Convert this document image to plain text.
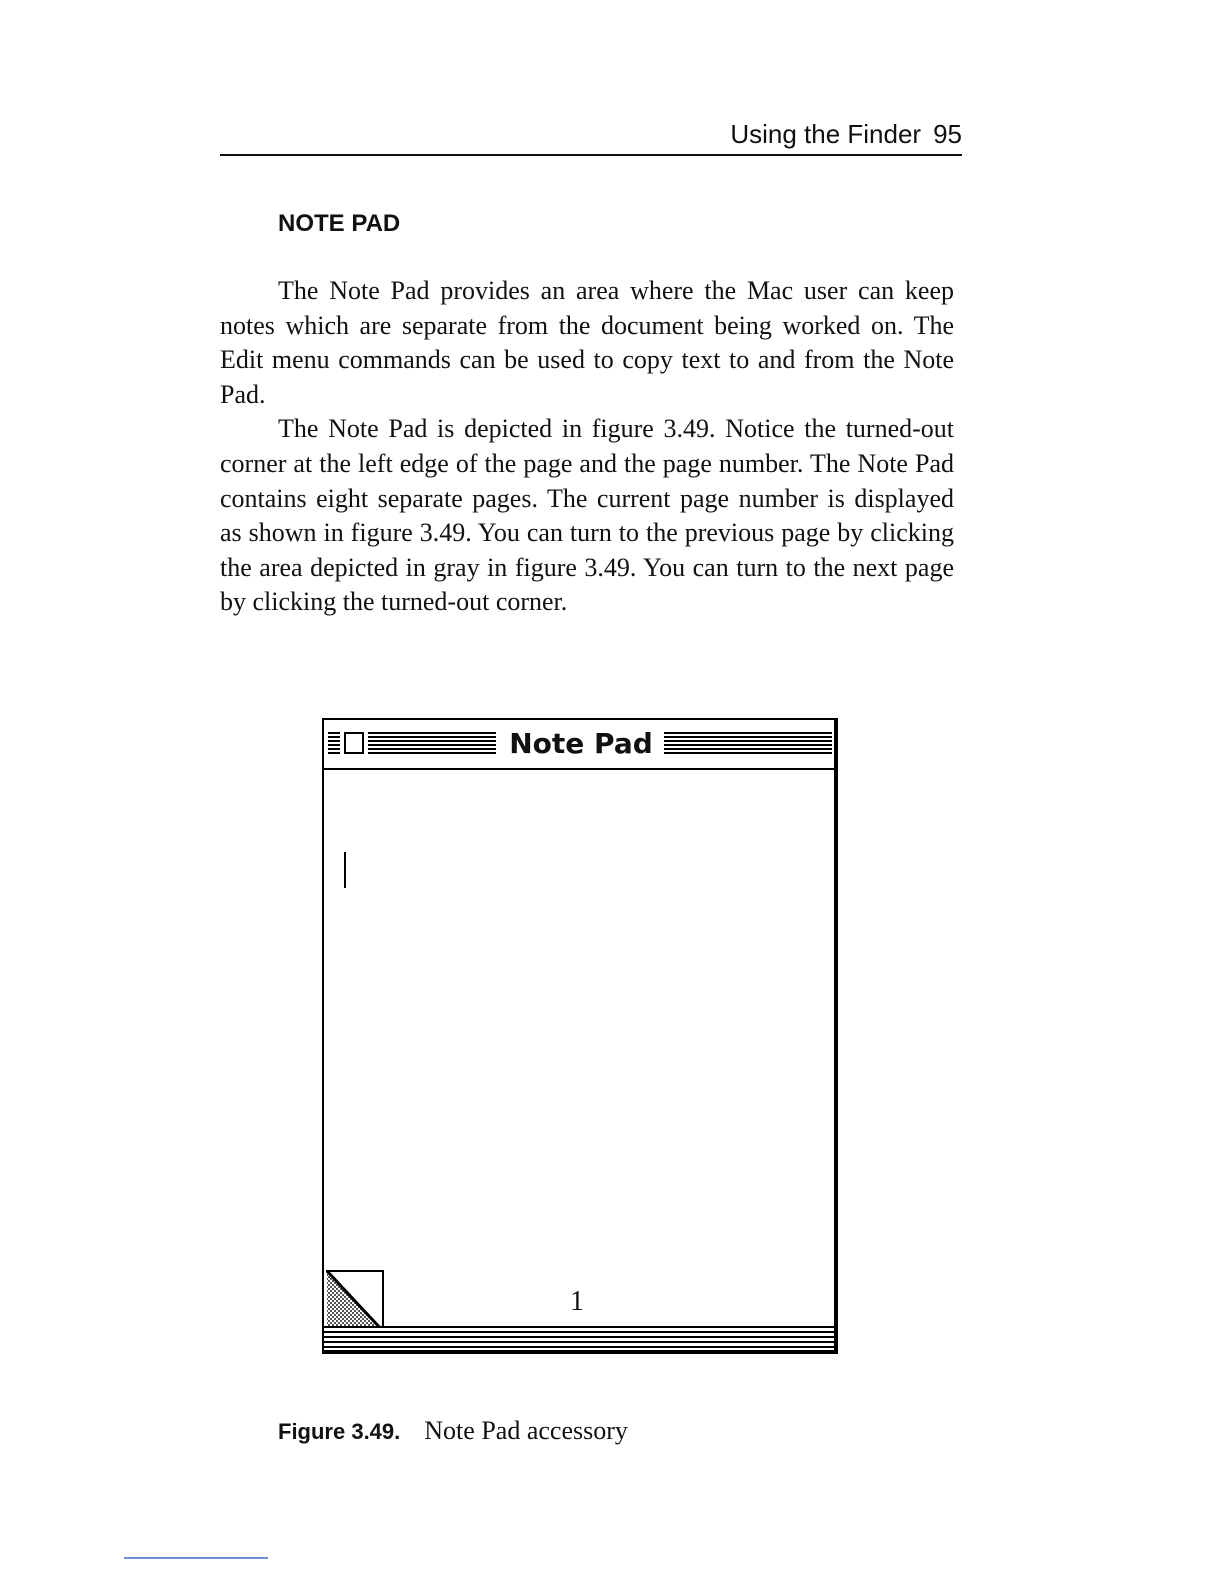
Using the Finder 95
NOTE PAD

The Note Pad provides an area where the Mac user can keep notes which are separate from the document being worked on. The Edit menu commands can be used to copy text to and from the Note Pad.

The Note Pad is depicted in figure 3.49. Notice the turned-out corner at the left edge of the page and the page number. The Note Pad contains eight separate pages. The current page number is displayed as shown in figure 3.49. You can turn to the previous page by clicking the area depicted in gray in figure 3.49. You can turn to the next page by clicking the turned-out corner.

Note Pad
1
Figure 3.49. Note Pad accessory
